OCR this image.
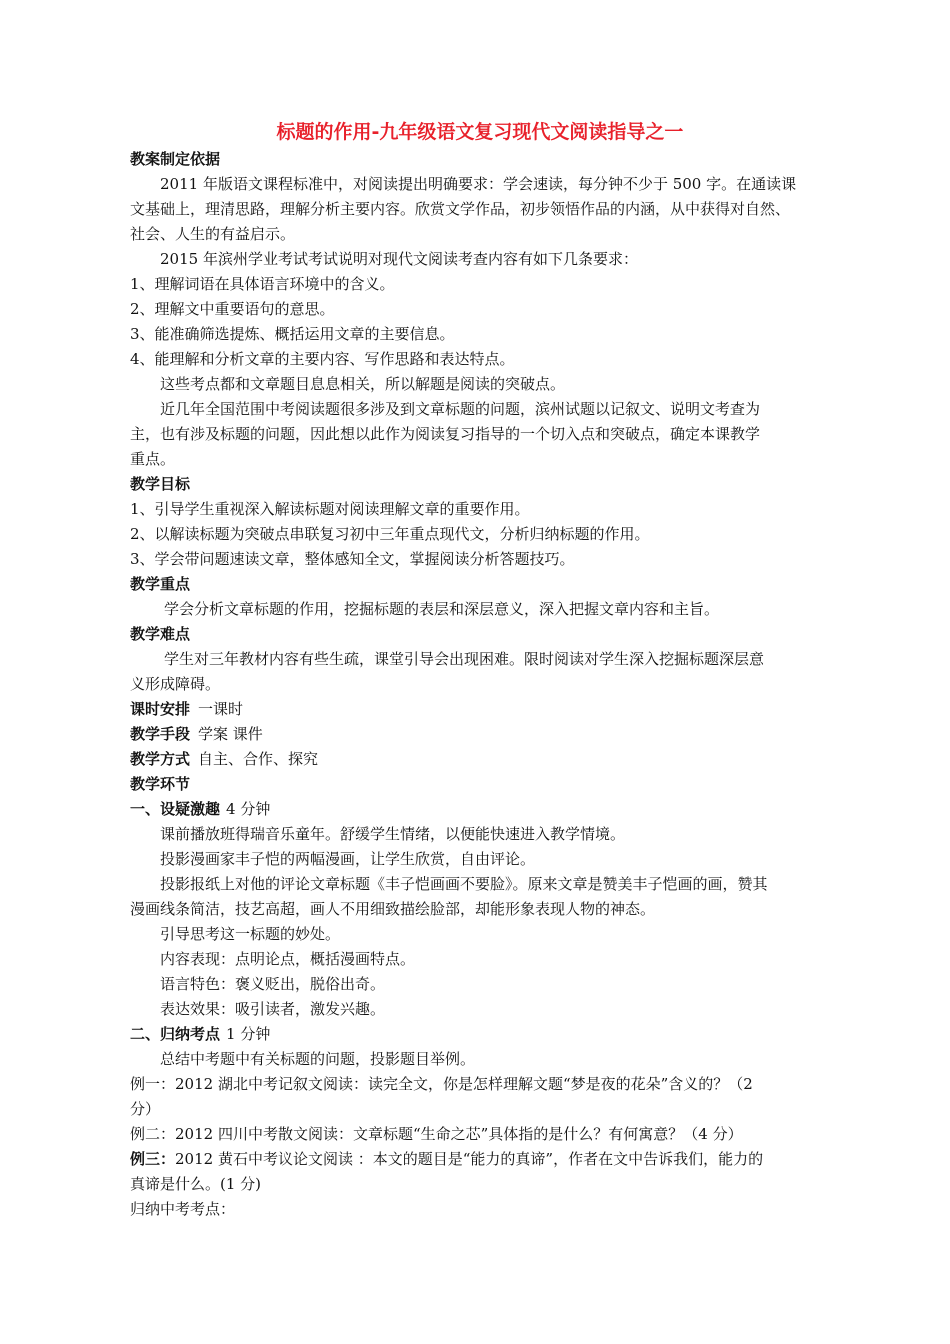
标题的作用-九年级语文复习现代文阅读指导之一
教案制定依据
2011 年版语文课程标准中，对阅读提出明确要求：学会速读，每分钟不少于 500 字。在通读课
文基础上，理清思路，理解分析主要内容。欣赏文学作品，初步领悟作品的内涵，从中获得对自然、
社会、人生的有益启示。
2015 年滨州学业考试考试说明对现代文阅读考查内容有如下几条要求：
1、理解词语在具体语言环境中的含义。
2、理解文中重要语句的意思。
3、能准确筛选提炼、概括运用文章的主要信息。
4、能理解和分析文章的主要内容、写作思路和表达特点。
这些考点都和文章题目息息相关，所以解题是阅读的突破点。
近几年全国范围中考阅读题很多涉及到文章标题的问题，滨州试题以记叙文、说明文考查为
主，也有涉及标题的问题，因此想以此作为阅读复习指导的一个切入点和突破点，确定本课教学
重点。
教学目标
1、引导学生重视深入解读标题对阅读理解文章的重要作用。
2、以解读标题为突破点串联复习初中三年重点现代文，分析归纳标题的作用。
3、学会带问题速读文章，整体感知全文，掌握阅读分析答题技巧。
教学重点
学会分析文章标题的作用，挖掘标题的表层和深层意义，深入把握文章内容和主旨。
教学难点
学生对三年教材内容有些生疏，课堂引导会出现困难。限时阅读对学生深入挖掘标题深层意
义形成障碍。
课时安排 一课时
教学手段 学案 课件
教学方式 自主、合作、探究
教学环节
一、设疑激趣 4 分钟
课前播放班得瑞音乐童年。舒缓学生情绪，以便能快速进入教学情境。
投影漫画家丰子恺的两幅漫画，让学生欣赏，自由评论。
投影报纸上对他的评论文章标题《丰子恺画画不要脸》。原来文章是赞美丰子恺画的画，赞其
漫画线条简洁，技艺高超，画人不用细致描绘脸部，却能形象表现人物的神态。
引导思考这一标题的妙处。
内容表现：点明论点，概括漫画特点。
语言特色：褒义贬出，脱俗出奇。
表达效果：吸引读者，激发兴趣。
二、归纳考点 1 分钟
总结中考题中有关标题的问题，投影题目举例。
例一：2012 湖北中考记叙文阅读：读完全文，你是怎样理解文题“梦是夜的花朵”含义的？（2
分）
例二：2012 四川中考散文阅读：文章标题“生命之芯”具体指的是什么？有何寓意？（4 分）
例三：2012 黄石中考议论文阅读 ：本文的题目是“能力的真谛”，作者在文中告诉我们，能力的
真谛是什么。(1 分)
归纳中考考点：
